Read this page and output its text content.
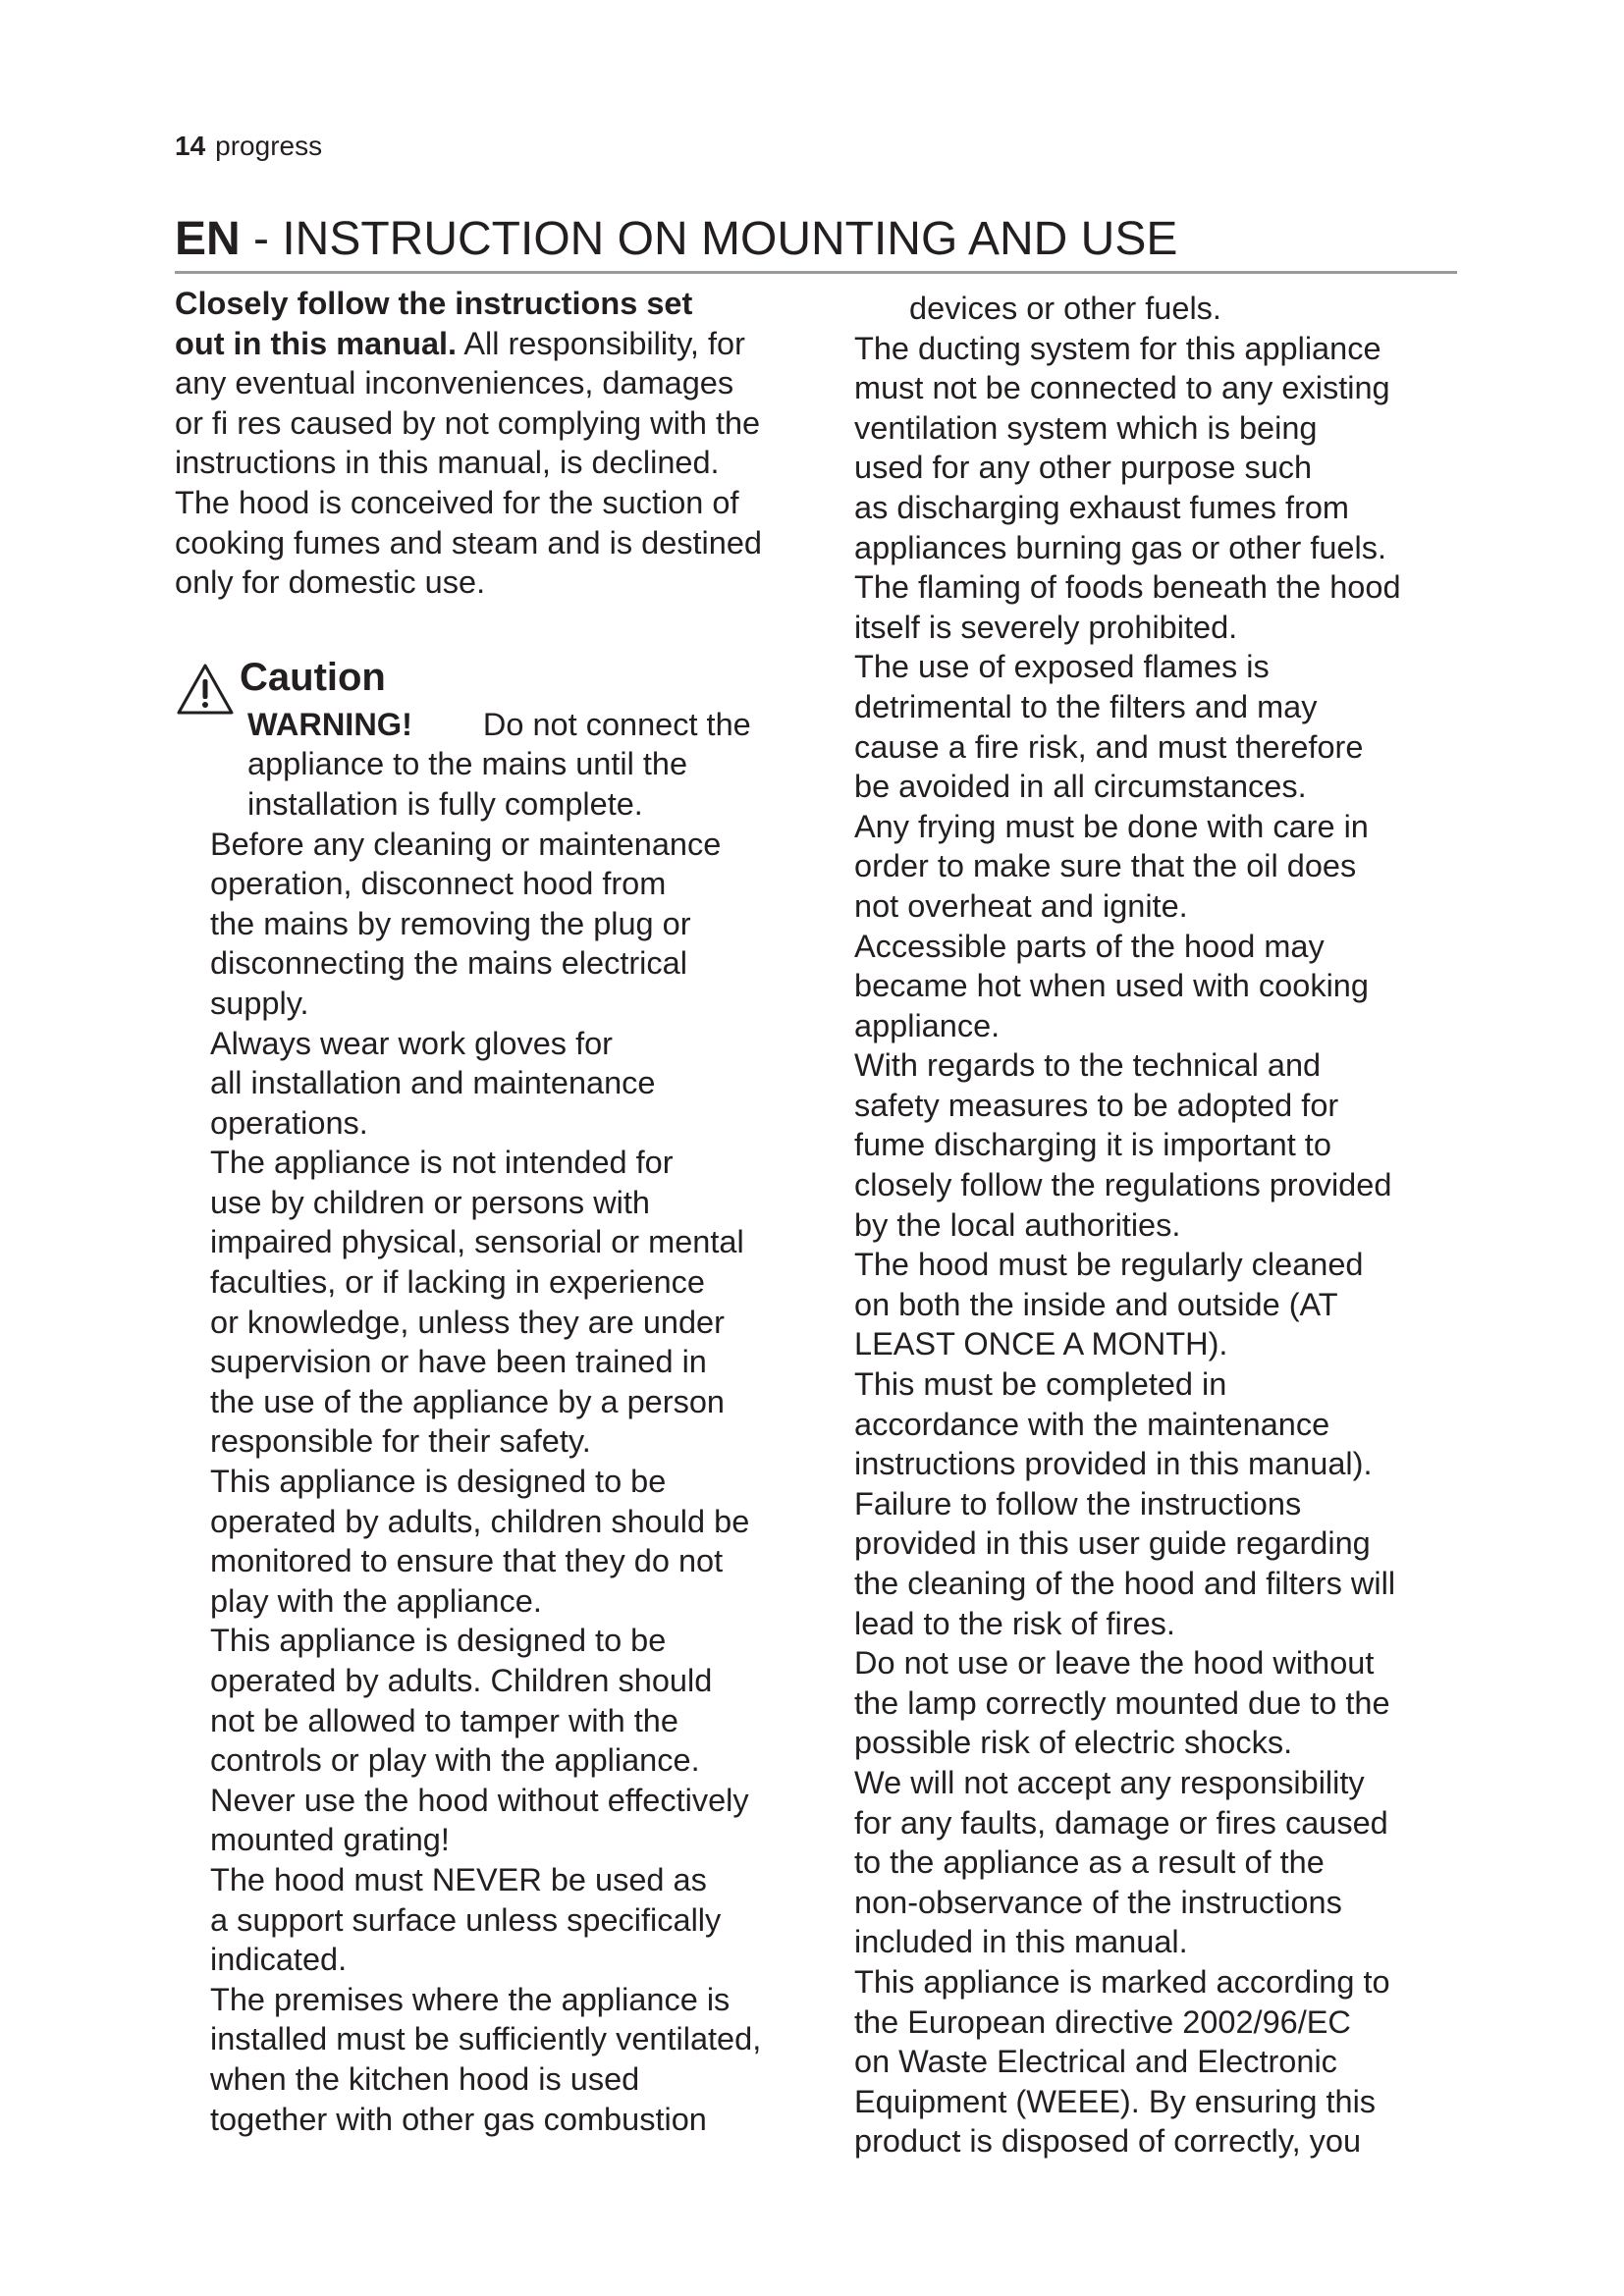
14 progress
EN - INSTRUCTION ON MOUNTING AND USE
Closely follow the instructions set
out in this manual. All responsibility, for
any eventual inconveniences, damages
or fi res caused by not complying with the
instructions in this manual, is declined.
The hood is conceived for the suction of
cooking fumes and steam and is destined
only for domestic use.
Caution
WARNING! Do not connect the
appliance to the mains until the
installation is fully complete.
Before any cleaning or maintenance
operation, disconnect hood from
the mains by removing the plug or
disconnecting the mains electrical
supply.
Always wear work gloves for
all installation and maintenance
operations.
The appliance is not intended for
use by children or persons with
impaired physical, sensorial or mental
faculties, or if lacking in experience
or knowledge, unless they are under
supervision or have been trained in
the use of the appliance by a person
responsible for their safety.
This appliance is designed to be
operated by adults, children should be
monitored to ensure that they do not
play with the appliance.
This appliance is designed to be
operated by adults. Children should
not be allowed to tamper with the
controls or play with the appliance.
Never use the hood without effectively
mounted grating!
The hood must NEVER be used as
a support surface unless specifically
indicated.
The premises where the appliance is
installed must be sufficiently ventilated,
when the kitchen hood is used
together with other gas combustion
devices or other fuels.
The ducting system for this appliance
must not be connected to any existing
ventilation system which is being
used for any other purpose such
as discharging exhaust fumes from
appliances burning gas or other fuels.
The flaming of foods beneath the hood
itself is severely prohibited.
The use of exposed flames is
detrimental to the filters and may
cause a fire risk, and must therefore
be avoided in all circumstances.
Any frying must be done with care in
order to make sure that the oil does
not overheat and ignite.
Accessible parts of the hood may
became hot when used with cooking
appliance.
With regards to the technical and
safety measures to be adopted for
fume discharging it is important to
closely follow the regulations provided
by the local authorities.
The hood must be regularly cleaned
on both the inside and outside (AT
LEAST ONCE A MONTH).
This must be completed in
accordance with the maintenance
instructions provided in this manual).
Failure to follow the instructions
provided in this user guide regarding
the cleaning of the hood and filters will
lead to the risk of fires.
Do not use or leave the hood without
the lamp correctly mounted due to the
possible risk of electric shocks.
We will not accept any responsibility
for any faults, damage or fires caused
to the appliance as a result of the
non-observance of the instructions
included in this manual.
This appliance is marked according to
the European directive 2002/96/EC
on Waste Electrical and Electronic
Equipment (WEEE). By ensuring this
product is disposed of correctly, you
